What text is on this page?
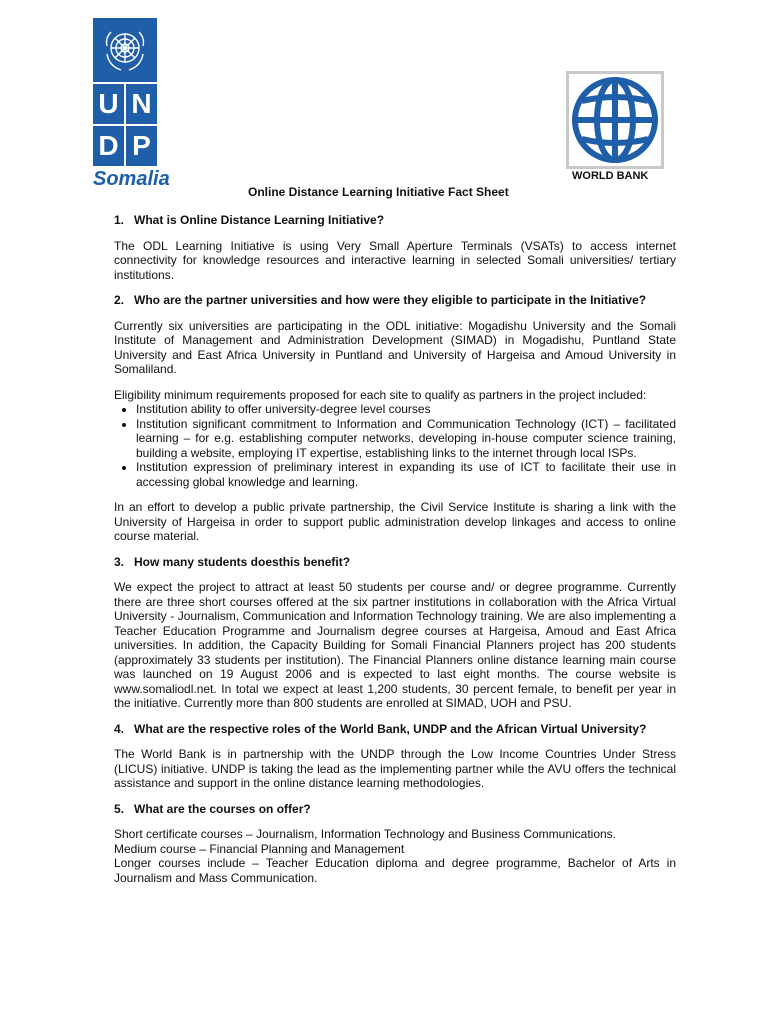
U N
D P
Somalia	WORLD BANK
Online Distance Learning Initiative Fact Sheet
1. What is Online Distance Learning Initiative?
The ODL Learning Initiative is using Very Small Aperture Terminals (VSATs) to access internet connectivity for knowledge resources and interactive learning in selected Somali universities/ tertiary institutions.
2. Who are the partner universities and how were they eligible to participate in the Initiative?
Currently six universities are participating in the ODL initiative: Mogadishu University and the Somali Institute of Management and Administration Development (SIMAD) in Mogadishu, Puntland State University and East Africa University in Puntland and University of Hargeisa and Amoud University in Somaliland.
Eligibility minimum requirements proposed for each site to qualify as partners in the project included:
• Institution ability to offer university-degree level courses
• Institution significant commitment to Information and Communication Technology (ICT) – facilitated learning – for e.g. establishing computer networks, developing in-house computer science training, building a website, employing IT expertise, establishing links to the internet through local ISPs.
• Institution expression of preliminary interest in expanding its use of ICT to facilitate their use in accessing global knowledge and learning.
In an effort to develop a public private partnership, the Civil Service Institute is sharing a link with the University of Hargeisa in order to support public administration develop linkages and access to online course material.
3. How many students doesthis benefit?
We expect the project to attract at least 50 students per course and/ or degree programme. Currently there are three short courses offered at the six partner institutions in collaboration with the Africa Virtual University - Journalism, Communication and Information Technology training. We are also implementing a Teacher Education Programme and Journalism degree courses at Hargeisa, Amoud and East Africa universities. In addition, the Capacity Building for Somali Financial Planners project has 200 students (approximately 33 students per institution). The Financial Planners online distance learning main course was launched on 19 August 2006 and is expected to last eight months. The course website is www.somaliodl.net. In total we expect at least 1,200 students, 30 percent female, to benefit per year in the initiative. Currently more than 800 students are enrolled at SIMAD, UOH and PSU.
4. What are the respective roles of the World Bank, UNDP and the African Virtual University?
The World Bank is in partnership with the UNDP through the Low Income Countries Under Stress (LICUS) initiative. UNDP is taking the lead as the implementing partner while the AVU offers the technical assistance and support in the online distance learning methodologies.
5. What are the courses on offer?
Short certificate courses – Journalism, Information Technology and Business Communications.
Medium course – Financial Planning and Management
Longer courses include – Teacher Education diploma and degree programme, Bachelor of Arts in Journalism and Mass Communication.
